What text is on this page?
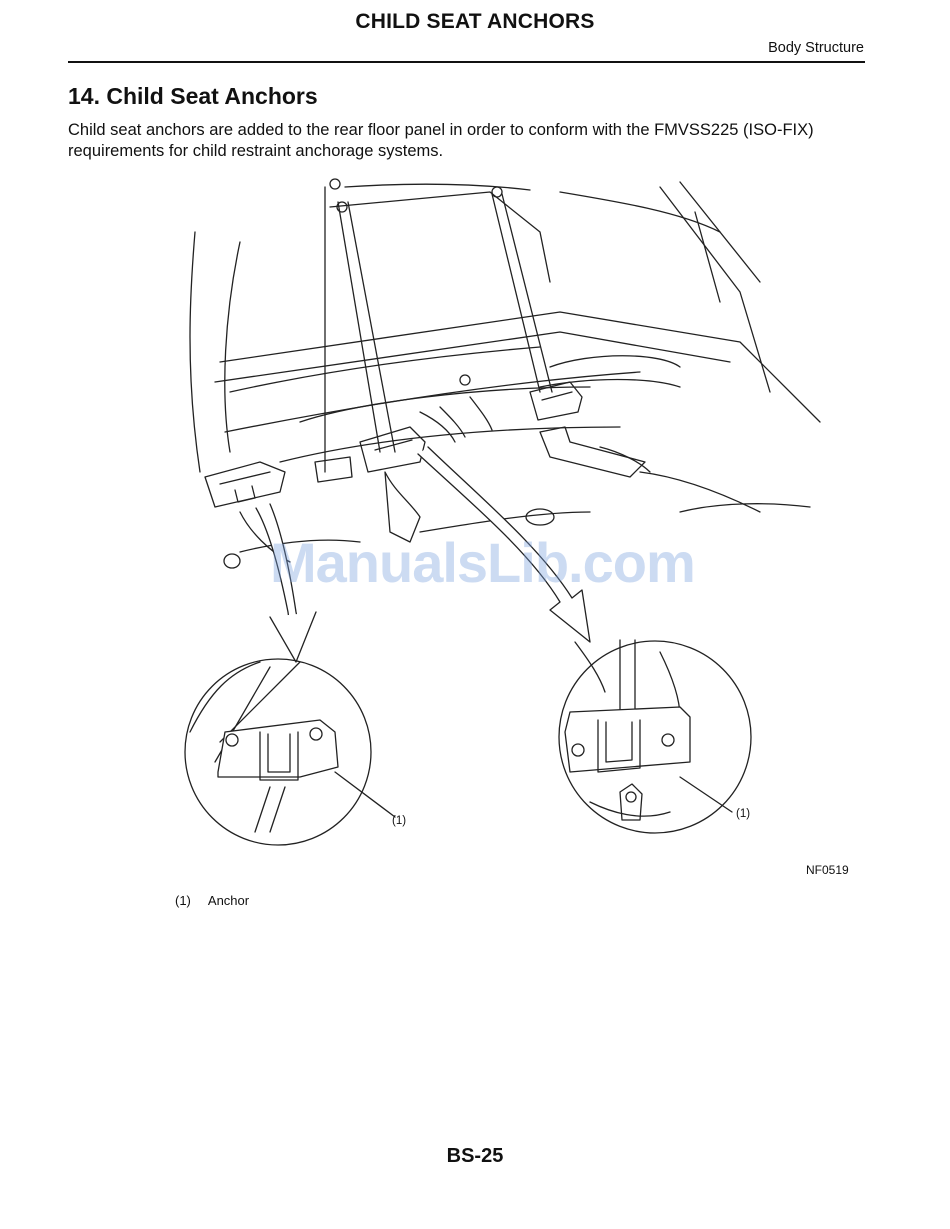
CHILD SEAT ANCHORS
Body Structure
14. Child Seat Anchors

Child seat anchors are added to the rear floor panel in order to conform with the FMVSS225 (ISO-FIX) requirements for child restraint anchorage systems.

(1)
(1)
ManualsLib.com
NF0519
(1) Anchor
BS-25
